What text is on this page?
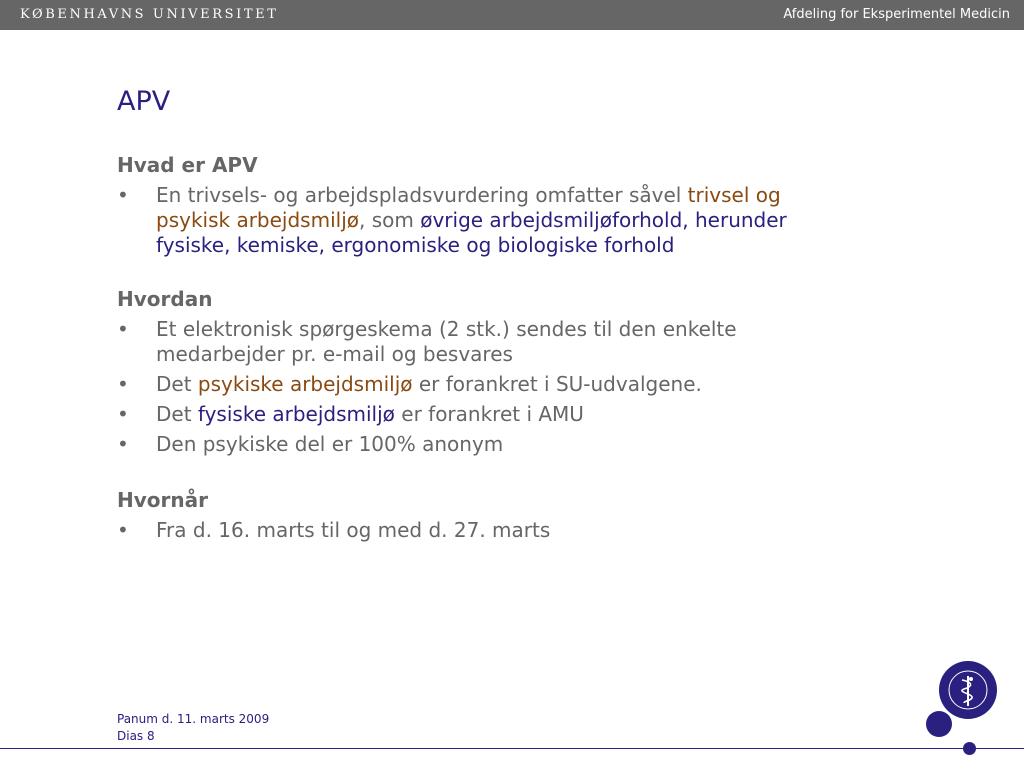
KØBENHAVNS UNIVERSITET	Afdeling for Eksperimentel Medicin
APV
Hvad er APV
• En trivsels- og arbejdspladsvurdering omfatter såvel trivsel og psykisk arbejdsmiljø, som øvrige arbejdsmiljøforhold, herunder fysiske, kemiske, ergonomiske og biologiske forhold
Hvordan
• Et elektronisk spørgeskema (2 stk.) sendes til den enkelte medarbejder pr. e-mail og besvares
• Det psykiske arbejdsmiljø er forankret i SU-udvalgene.
• Det fysiske arbejdsmiljø er forankret i AMU
• Den psykiske del er 100% anonym
Hvornår
• Fra d. 16. marts til og med d. 27. marts
Panum d. 11. marts 2009
Dias 8
